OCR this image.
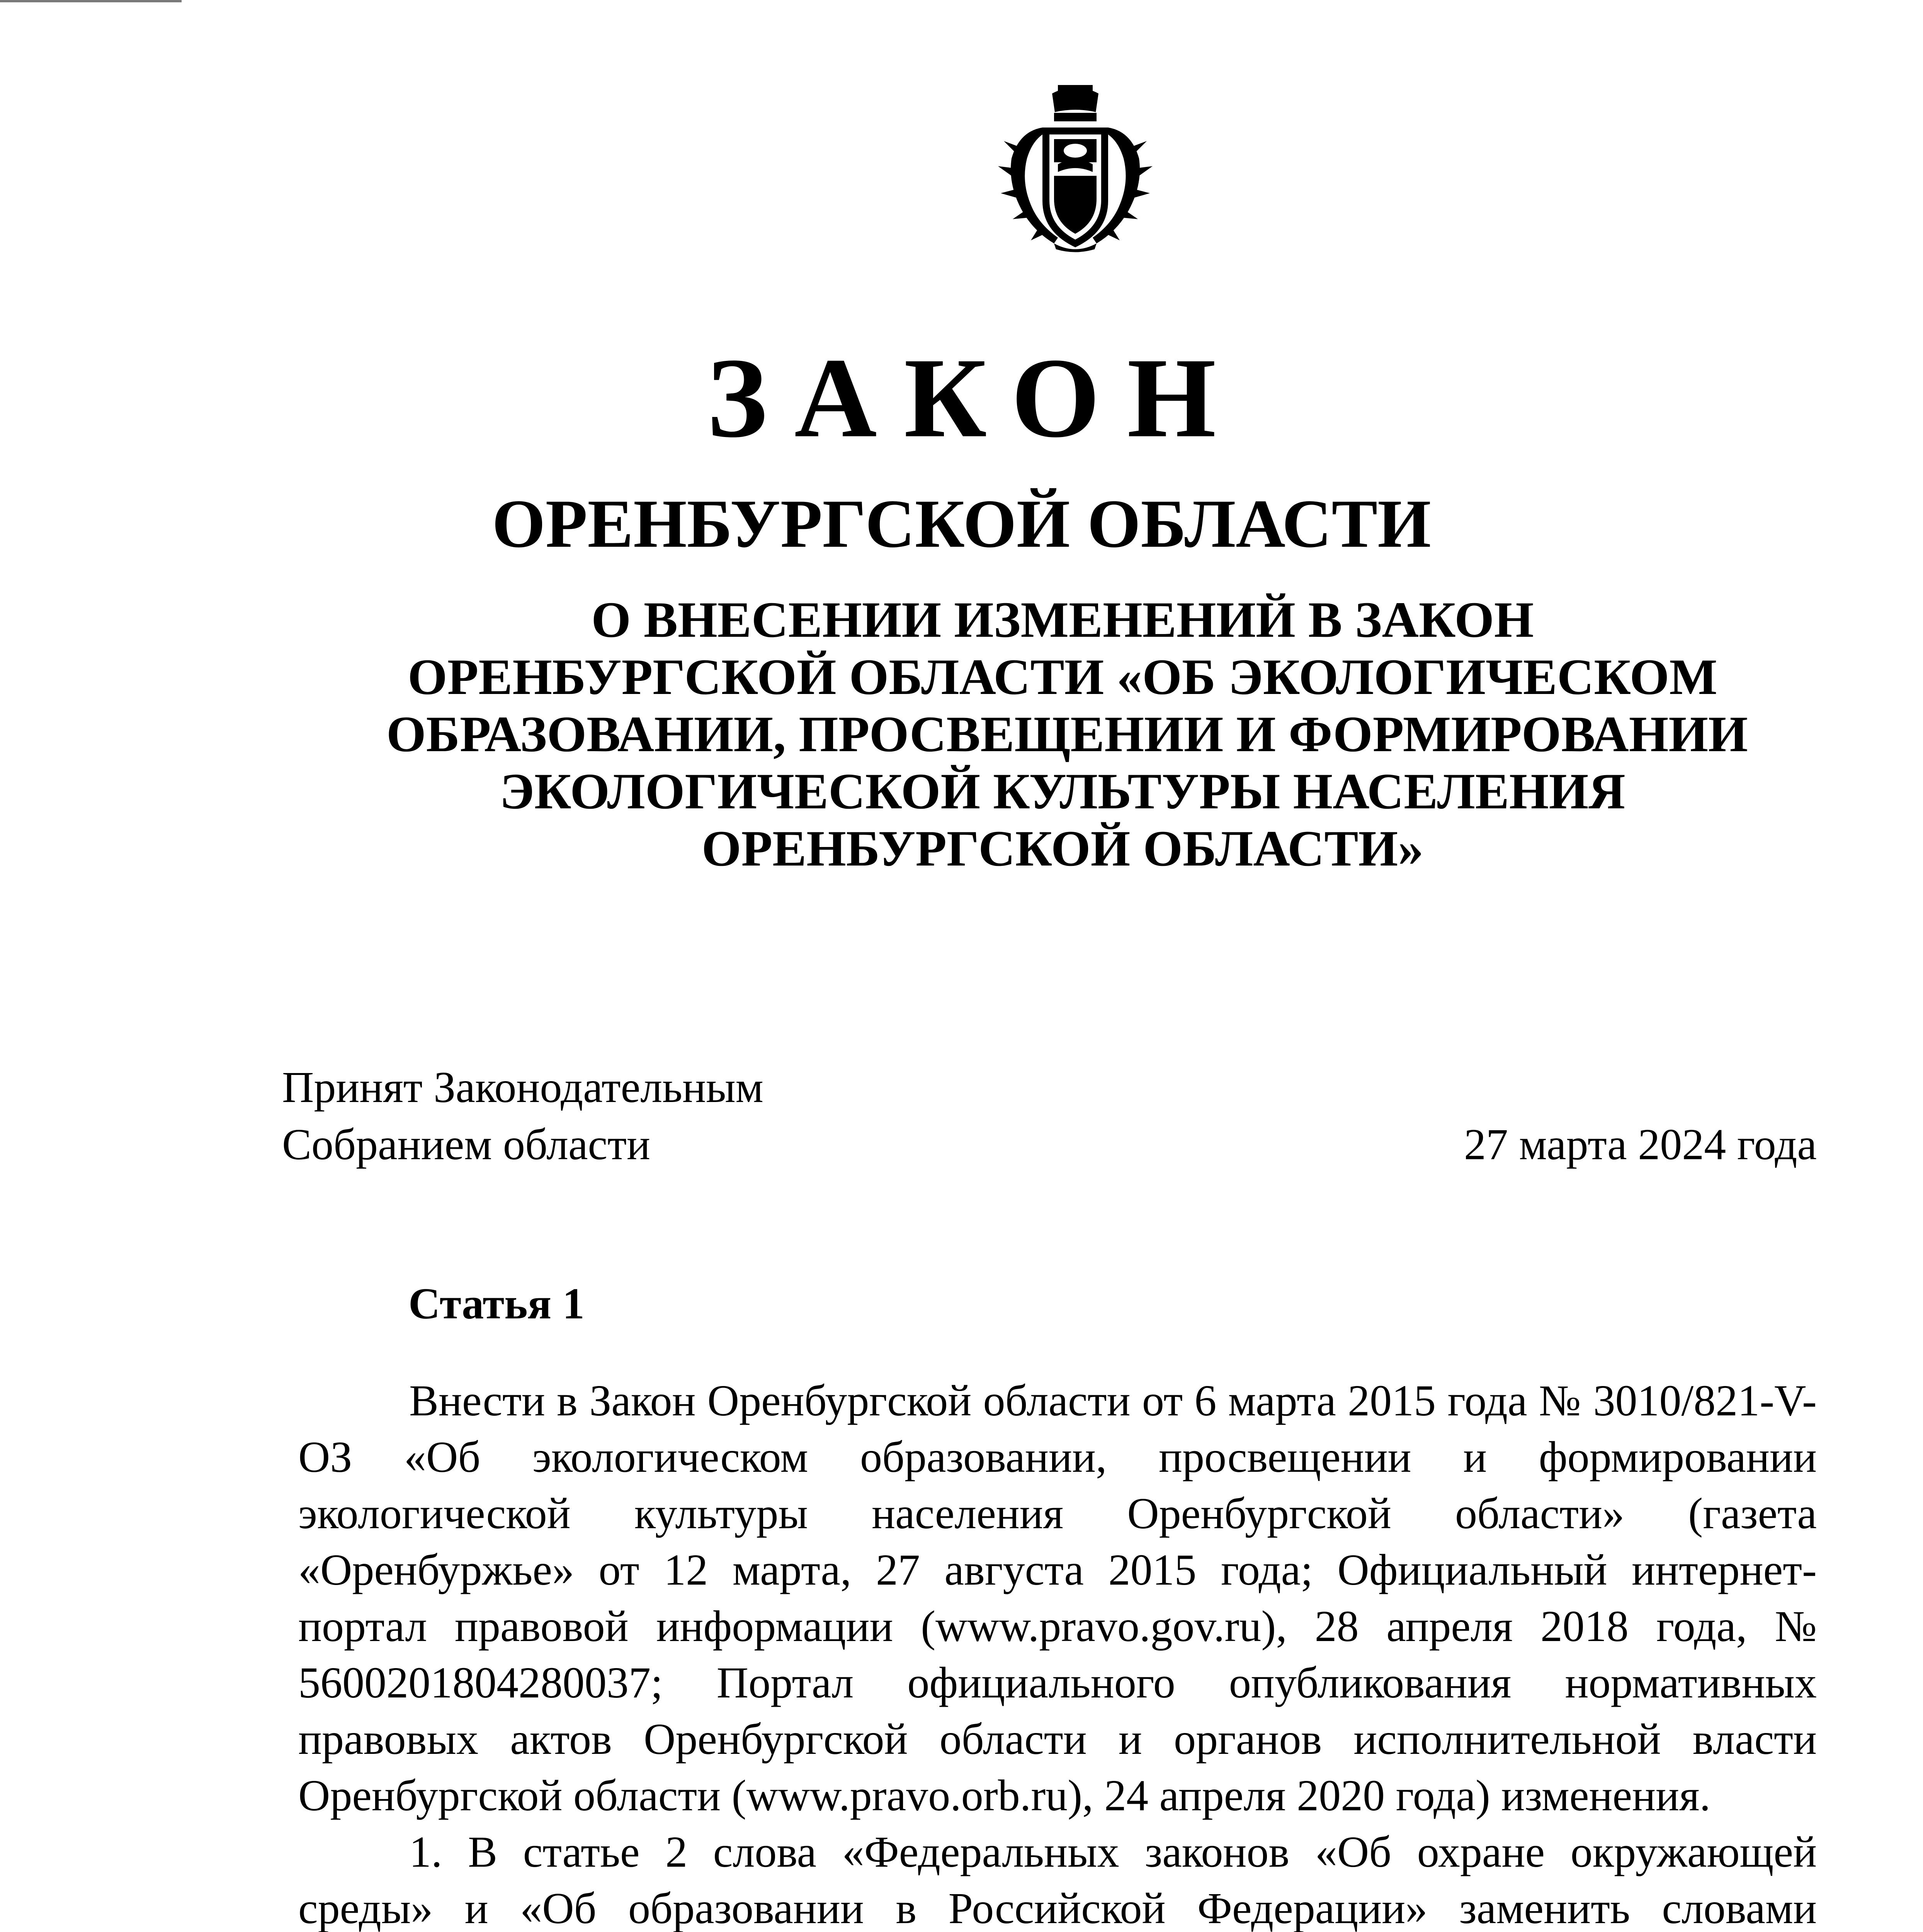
ЗАКОН
ОРЕНБУРГСКОЙ ОБЛАСТИ
О ВНЕСЕНИИ ИЗМЕНЕНИЙ В ЗАКОН
ОРЕНБУРГСКОЙ ОБЛАСТИ «ОБ ЭКОЛОГИЧЕСКОМ
ОБРАЗОВАНИИ, ПРОСВЕЩЕНИИ И ФОРМИРОВАНИИ
ЭКОЛОГИЧЕСКОЙ КУЛЬТУРЫ НАСЕЛЕНИЯ
ОРЕНБУРГСКОЙ ОБЛАСТИ»
Принят Законодательным
Собранием области	27 марта 2024 года
Статья 1

Внести в Закон Оренбургской области от 6 марта 2015 года № 3010/821-V-ОЗ «Об экологическом образовании, просвещении и формировании экологической культуры населения Оренбургской области» (газета «Оренбуржье» от 12 марта, 27 августа 2015 года; Официальный интернет-портал правовой информации (www.pravo.gov.ru), 28 апреля 2018 года, № 5600201804280037; Портал официального опубликования нормативных правовых актов Оренбургской области и органов исполнительной власти Оренбургской области (www.pravo.orb.ru), 24 апреля 2020 года) изменения.

1. В статье 2 слова «Федеральных законов «Об охране окружающей среды» и «Об образовании в Российской Федерации» заменить словами
